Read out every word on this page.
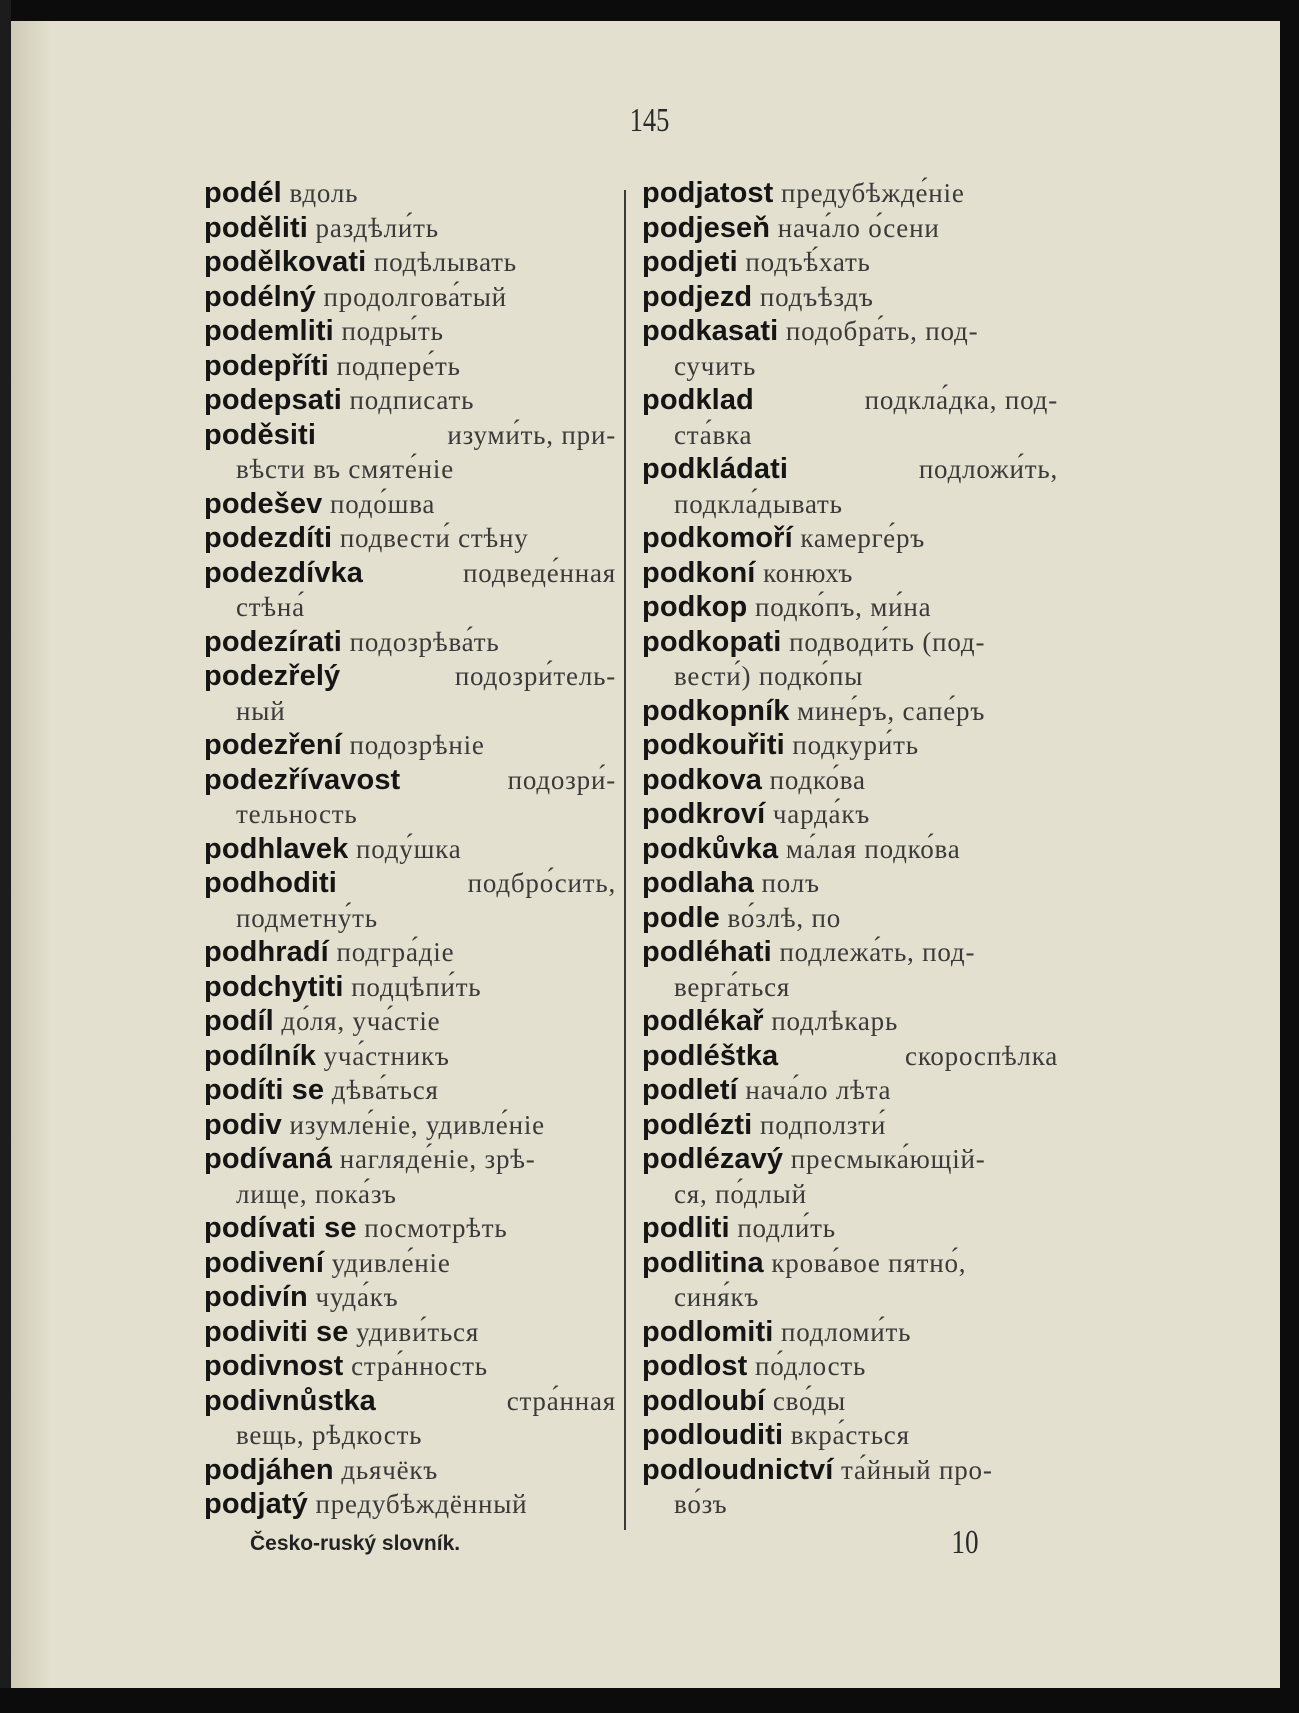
145
podél вдоль
poděliti раздѣли́ть
podělkovati подѣлывать
podélný продолгова́тый
podemliti подры́ть
podepříti подпере́ть
podepsati подписать
poděsiti	изуми́ть, при-
вѣсти въ смяте́ніе
podešev подо́шва
podezdíti подвести́ стѣну
podezdívka	подведе́нная
стѣна́
podezírati подозрѣва́ть
podezřelý	подозри́тель-
ный
podezření подозрѣніе
podezřívavost	подозри́-
тельность
podhlavek поду́шка
podhoditi	подбро́сить,
подметну́ть
podhradí подгра́діе
podchytiti подцѣпи́ть
podíl до́ля, уча́стіе
podílník уча́стникъ
podíti se дѣва́ться
podiv изумле́ніе, удивле́ніе
podívaná нагляде́ніе, зрѣ-
лище, пока́зъ
podívati se посмотрѣть
podivení удивле́ніе
podivín чуда́къ
podiviti se удиви́ться
podivnost стра́нность
podivnůstka	стра́нная
вещь, рѣдкость
podjáhen дьячёкъ
podjatý предубѣждённый
podjatost предубѣжде́ніе
podjeseň нача́ло о́сени
podjeti подъѣ́хать
podjezd подъѣздъ
podkasati подобра́ть, под-
сучить
podklad	подкла́дка, под-
ста́вка
podkládati	подложи́ть,
подкла́дывать
podkomoří камерге́ръ
podkoní конюхъ
podkop подко́пъ, ми́на
podkopati подводи́ть (под-
вести́) подко́пы
podkopník мине́ръ, сапе́ръ
podkouřiti подкури́ть
podkova подко́ва
podkroví чарда́къ
podkůvka ма́лая подко́ва
podlaha полъ
podle во́злѣ, по
podléhati подлежа́ть, под-
верга́ться
podlékař подлѣкарь
podléštka	скороспѣлка
podletí нача́ло лѣта
podlézti подползти́
podlézavý пресмыка́ющій-
ся, по́длый
podliti подли́ть
podlitina крова́вое пятно́,
синя́къ
podlomiti подломи́ть
podlost по́длость
podloubí сво́ды
podlouditi вкра́сться
podloudnictví та́йный про-
во́зъ
Česko-ruský slovník.	10
